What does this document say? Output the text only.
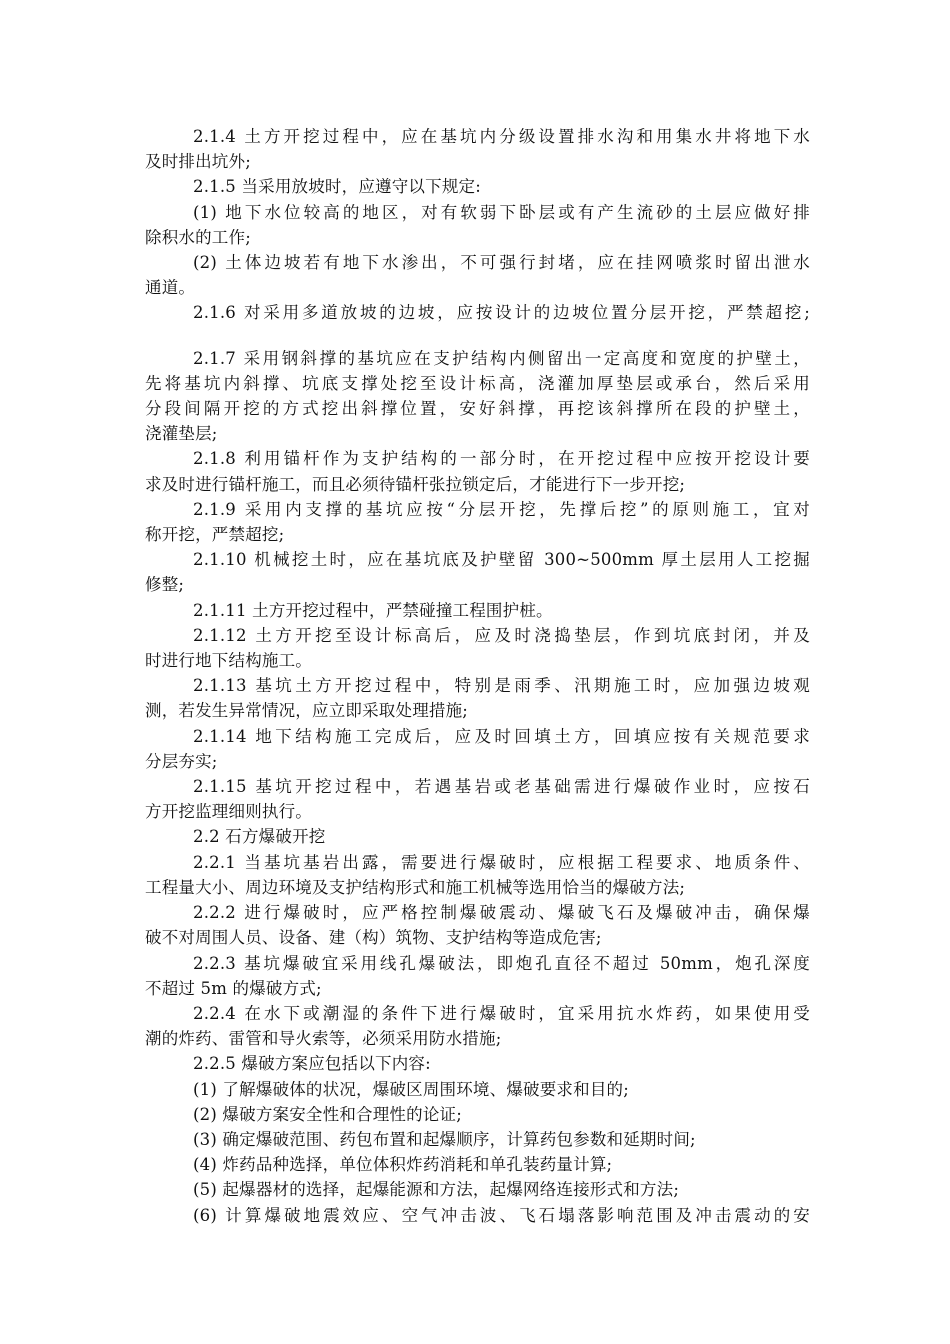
2.1.4 土方开挖过程中，应在基坑内分级设置排水沟和用集水井将地下水
及时排出坑外;
2.1.5 当采用放坡时，应遵守以下规定:
(1) 地下水位较高的地区，对有软弱下卧层或有产生流砂的土层应做好排
除积水的工作;
(2) 土体边坡若有地下水渗出，不可强行封堵，应在挂网喷浆时留出泄水
通道。
2.1.6 对采用多道放坡的边坡，应按设计的边坡位置分层开挖，严禁超挖;
2.1.7 采用钢斜撑的基坑应在支护结构内侧留出一定高度和宽度的护壁土，
先将基坑内斜撑、坑底支撑处挖至设计标高，浇灌加厚垫层或承台，然后采用
分段间隔开挖的方式挖出斜撑位置，安好斜撑，再挖该斜撑所在段的护壁土，
浇灌垫层;
2.1.8 利用锚杆作为支护结构的一部分时，在开挖过程中应按开挖设计要
求及时进行锚杆施工，而且必须待锚杆张拉锁定后，才能进行下一步开挖;
2.1.9 采用内支撑的基坑应按“分层开挖，先撑后挖”的原则施工，宜对
称开挖，严禁超挖;
2.1.10 机械挖土时，应在基坑底及护壁留 300~500mm 厚土层用人工挖掘
修整;
2.1.11 土方开挖过程中，严禁碰撞工程围护桩。
2.1.12 土方开挖至设计标高后，应及时浇捣垫层，作到坑底封闭，并及
时进行地下结构施工。
2.1.13 基坑土方开挖过程中，特别是雨季、汛期施工时，应加强边坡观
测，若发生异常情况，应立即采取处理措施;
2.1.14 地下结构施工完成后，应及时回填土方，回填应按有关规范要求
分层夯实;
2.1.15 基坑开挖过程中，若遇基岩或老基础需进行爆破作业时，应按石
方开挖监理细则执行。
2.2 石方爆破开挖
2.2.1 当基坑基岩出露，需要进行爆破时，应根据工程要求、地质条件、
工程量大小、周边环境及支护结构形式和施工机械等选用恰当的爆破方法;
2.2.2 进行爆破时，应严格控制爆破震动、爆破飞石及爆破冲击，确保爆
破不对周围人员、设备、建（构）筑物、支护结构等造成危害;
2.2.3 基坑爆破宜采用线孔爆破法，即炮孔直径不超过 50mm，炮孔深度
不超过 5m 的爆破方式;
2.2.4 在水下或潮湿的条件下进行爆破时，宜采用抗水炸药，如果使用受
潮的炸药、雷管和导火索等，必须采用防水措施;
2.2.5 爆破方案应包括以下内容:
(1) 了解爆破体的状况，爆破区周围环境、爆破要求和目的;
(2) 爆破方案安全性和合理性的论证;
(3) 确定爆破范围、药包布置和起爆顺序，计算药包参数和延期时间;
(4) 炸药品种选择，单位体积炸药消耗和单孔装药量计算;
(5) 起爆器材的选择，起爆能源和方法，起爆网络连接形式和方法;
(6) 计算爆破地震效应、空气冲击波、飞石塌落影响范围及冲击震动的安
